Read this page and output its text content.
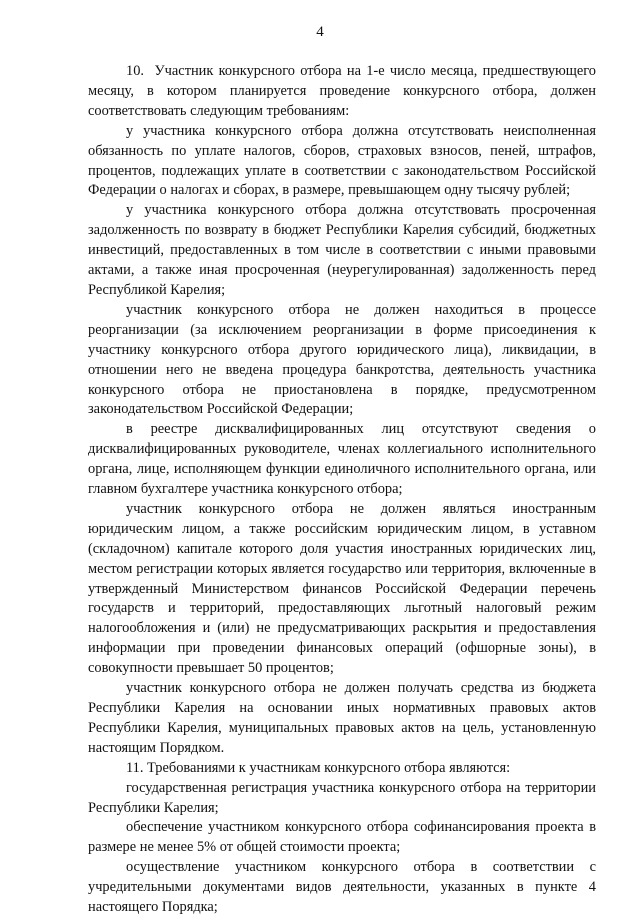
4

10.  Участник конкурсного отбора на 1-е число месяца, предшествующего месяцу, в котором планируется проведение конкурсного отбора, должен соответствовать следующим требованиям:

у участника конкурсного отбора должна отсутствовать неисполненная обязанность по уплате налогов, сборов, страховых взносов, пеней, штрафов, процентов, подлежащих уплате в соответствии с законодательством Российской Федерации о налогах и сборах, в размере, превышающем одну тысячу рублей;

у участника конкурсного отбора должна отсутствовать просроченная задолженность по возврату в бюджет Республики Карелия субсидий, бюджетных инвестиций, предоставленных в том числе в соответствии с иными правовыми актами, а также иная просроченная (неурегулированная) задолженность перед Республикой Карелия;

участник конкурсного отбора не должен находиться в процессе реорганизации (за исключением реорганизации в форме присоединения к участнику конкурсного отбора другого юридического лица), ликвидации, в отношении него не введена процедура банкротства, деятельность участника конкурсного отбора не приостановлена в порядке, предусмотренном законодательством Российской Федерации;

в реестре дисквалифицированных лиц отсутствуют сведения о дисквалифицированных руководителе, членах коллегиального исполнительного органа, лице, исполняющем функции единоличного исполнительного органа, или главном бухгалтере участника конкурсного отбора;

участник конкурсного отбора не должен являться иностранным юридическим лицом, а также российским юридическим лицом, в уставном (складочном) капитале которого доля участия иностранных юридических лиц, местом регистрации которых является государство или территория, включенные в утвержденный Министерством финансов Российской Федерации перечень государств и территорий, предоставляющих льготный налоговый режим налогообложения и (или) не предусматривающих раскрытия и предоставления информации при проведении финансовых операций (офшорные зоны), в совокупности превышает 50 процентов;

участник конкурсного отбора не должен получать средства из бюджета Республики Карелия на основании иных нормативных правовых актов Республики Карелия, муниципальных правовых актов на цель, установленную настоящим Порядком.

11. Требованиями к участникам конкурсного отбора являются:

государственная регистрация участника конкурсного отбора на территории Республики Карелия;

обеспечение участником конкурсного отбора софинансирования проекта в размере не менее 5% от общей стоимости проекта;

осуществление участником конкурсного отбора в соответствии с учредительными документами видов деятельности, указанных в пункте 4 настоящего Порядка;
